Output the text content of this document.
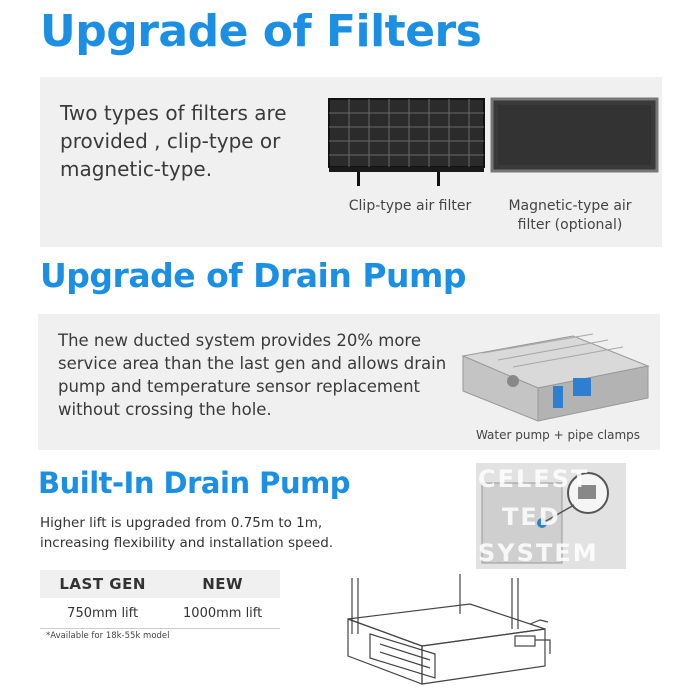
Upgrade of Filters
Two types of filters are provided , clip-type or magnetic-type.
Clip-type air filter	Magnetic-type air filter (optional)
Upgrade of Drain Pump
The new ducted system provides 20% more service area than the last gen and allows drain pump and temperature sensor replacement without crossing the hole.
Water pump + pipe clamps
Built-In Drain Pump
Higher lift is upgraded from 0.75m to 1m, increasing flexibility and installation speed.
LAST GEN	NEW
750mm lift	1000mm lift
*Available for 18k-55k model
CELEST
TED
SYSTEM
